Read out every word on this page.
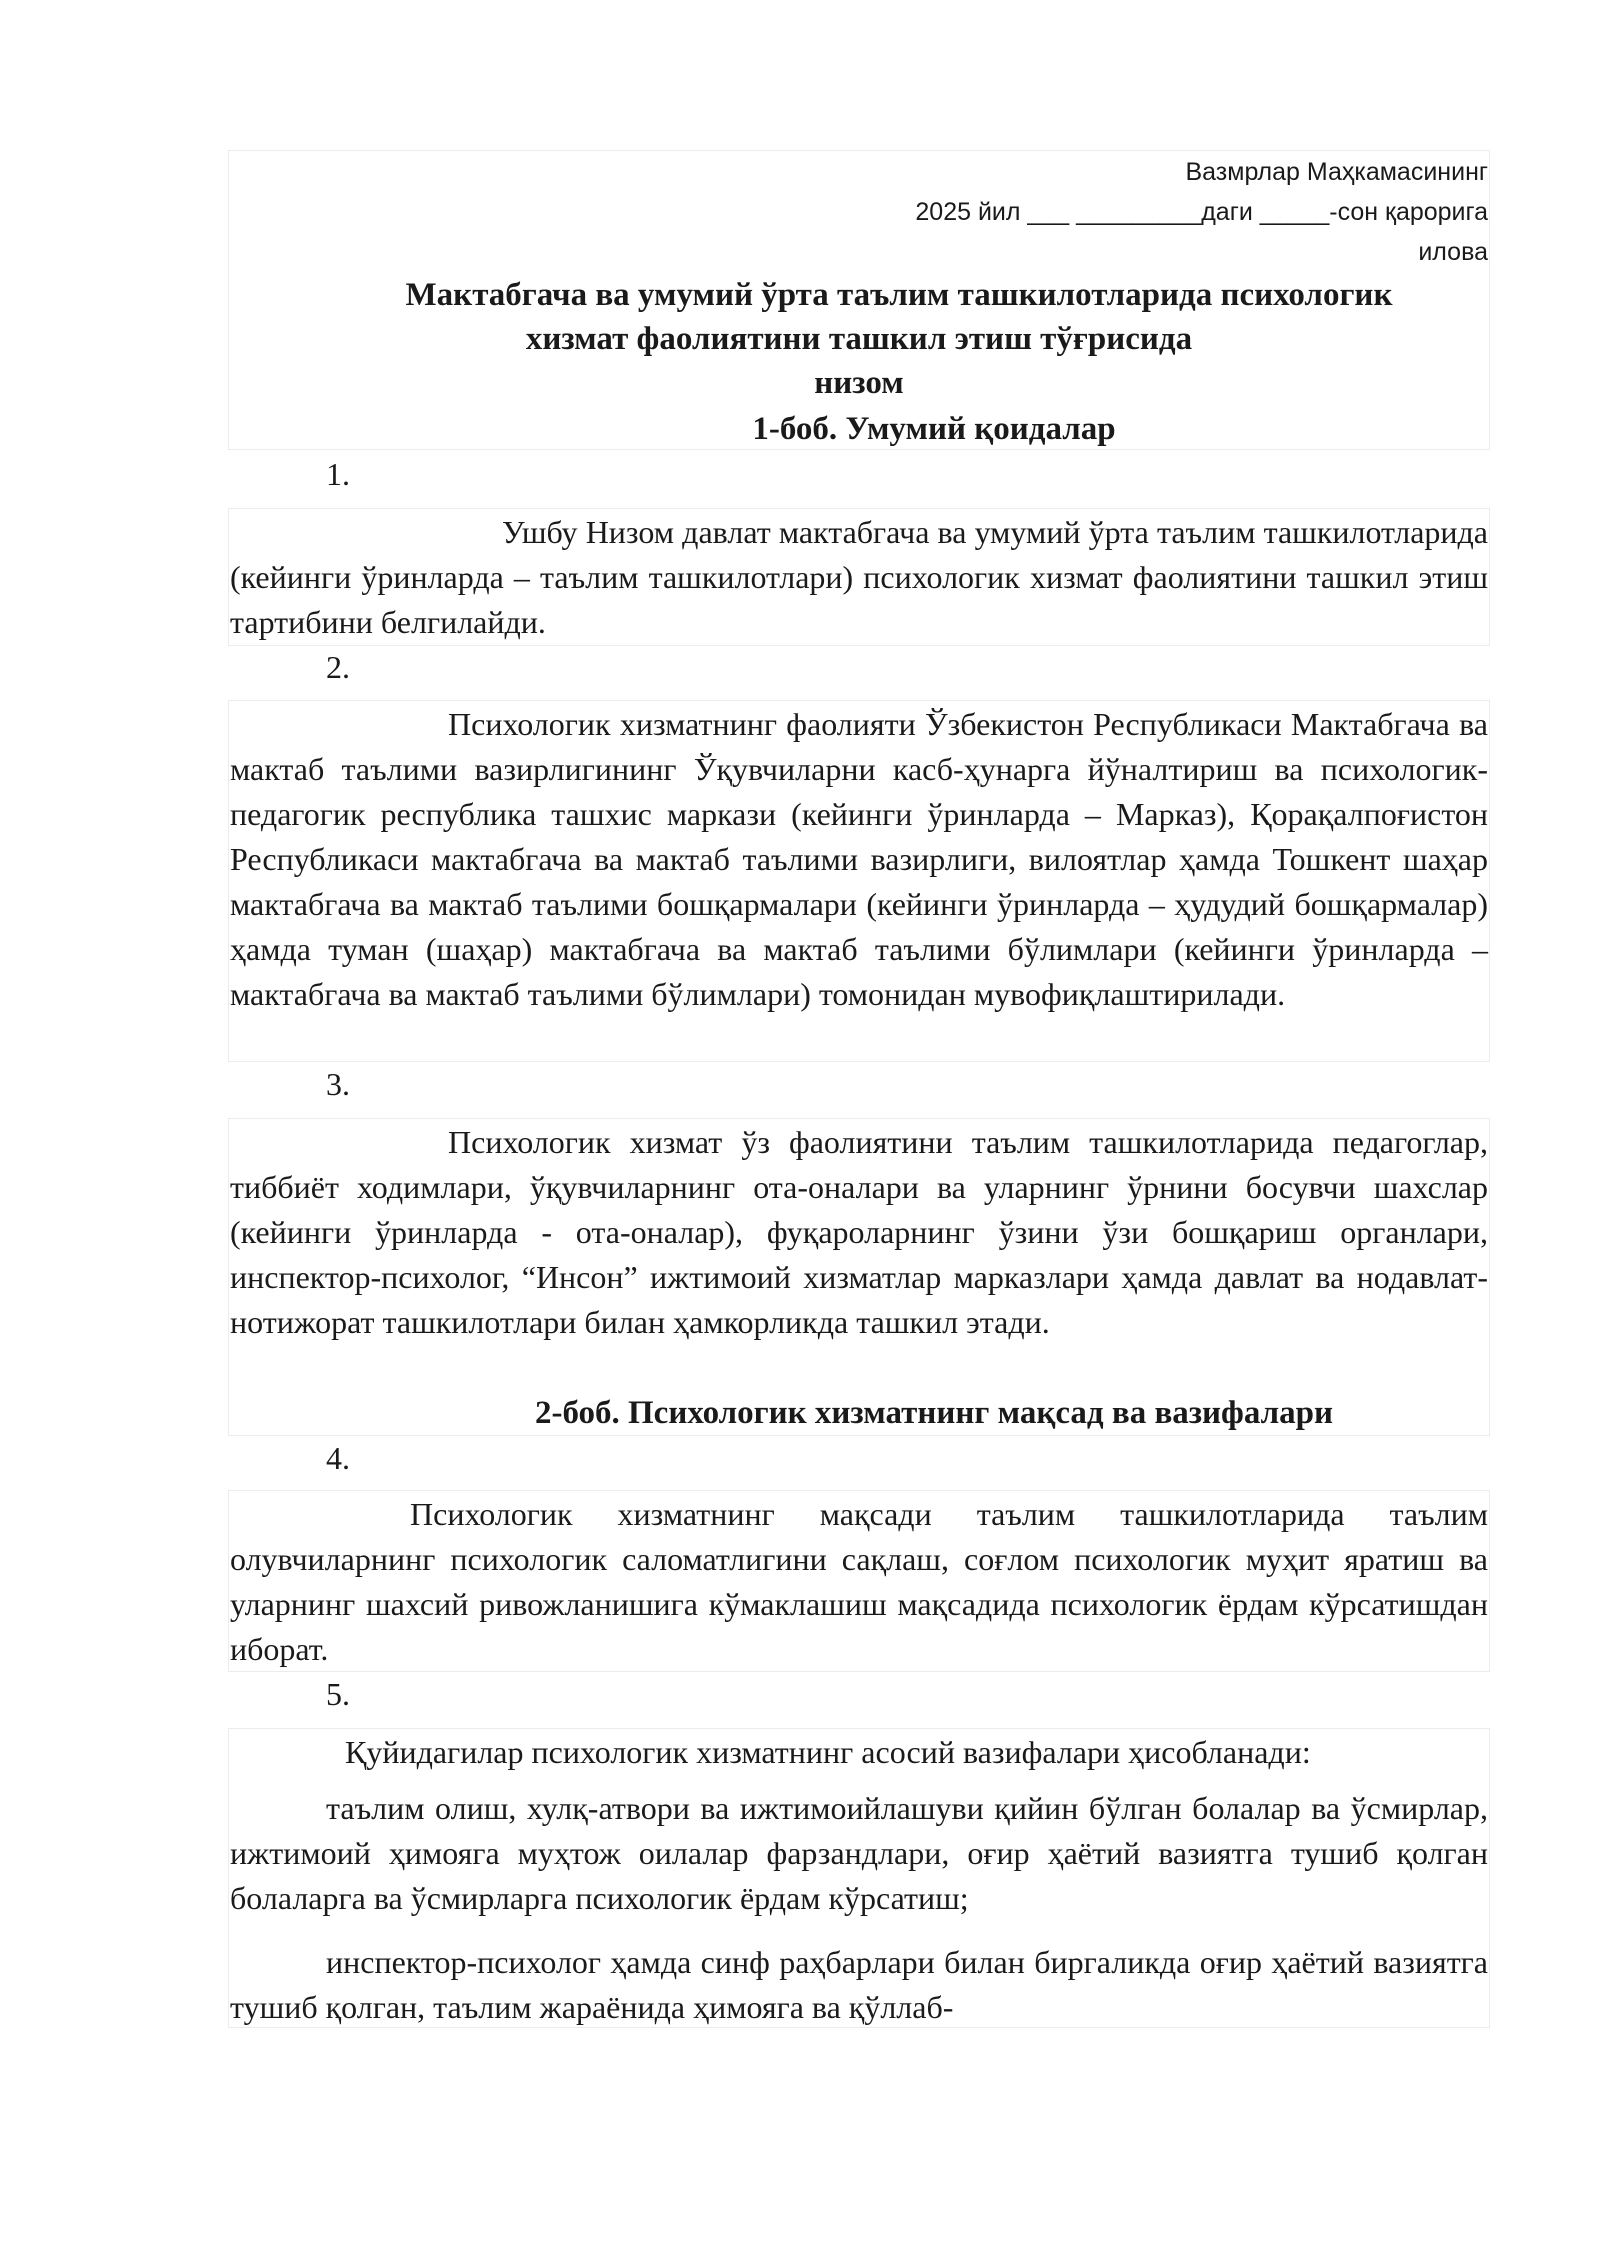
Вазмрлар Маҳкамасининг
2025 йил ___ _________даги _____-сон қарорига
илова
Мактабгача ва умумий ўрта таълим ташкилотларида психологик
хизмат фаолиятини ташкил этиш тўғрисида
низом
1-боб. Умумий қоидалар
1.

Ушбу Низом давлат мактабгача ва умумий ўрта таълим ташкилотларида (кейинги ўринларда – таълим ташкилотлари) психологик хизмат фаолиятини ташкил этиш тартибини белгилайди.

2.

Психологик хизматнинг фаолияти Ўзбекистон Республикаси Мактабгача ва мактаб таълими вазирлигининг Ўқувчиларни касб-ҳунарга йўналтириш ва психологик-педагогик республика ташхис маркази (кейинги ўринларда – Марказ), Қорақалпоғистон Республикаси мактабгача ва мактаб таълими вазирлиги, вилоятлар ҳамда Тошкент шаҳар мактабгача ва мактаб таълими бошқармалари (кейинги ўринларда – ҳудудий бошқармалар) ҳамда туман (шаҳар) мактабгача ва мактаб таълими бўлимлари (кейинги ўринларда – мактабгача ва мактаб таълими бўлимлари) томонидан мувофиқлаштирилади.

3.

Психологик хизмат ўз фаолиятини таълим ташкилотларида педагоглар, тиббиёт ходимлари, ўқувчиларнинг ота-оналари ва уларнинг ўрнини босувчи шахслар (кейинги ўринларда - ота-оналар), фуқароларнинг ўзини ўзи бошқариш органлари, инспектор-психолог, “Инсон” ижтимоий хизматлар марказлари ҳамда давлат ва нодавлат-нотижорат ташкилотлари билан ҳамкорликда ташкил этади.

2-боб. Психологик хизматнинг мақсад ва вазифалари
4.

Психологик хизматнинг мақсади таълим ташкилотларида таълим олувчиларнинг психологик саломатлигини сақлаш, соғлом психологик муҳит яратиш ва уларнинг шахсий ривожланишига кўмаклашиш мақсадида психологик ёрдам кўрсатишдан иборат.

5.

Қуйидагилар психологик хизматнинг асосий вазифалари ҳисобланади:

таълим олиш, хулқ-атвори ва ижтимоийлашуви қийин бўлган болалар ва ўсмирлар, ижтимоий ҳимояга муҳтож оилалар фарзандлари, оғир ҳаётий вазиятга тушиб қолган болаларга ва ўсмирларга психологик ёрдам кўрсатиш;

инспектор-психолог ҳамда синф раҳбарлари билан биргаликда оғир ҳаётий вазиятга тушиб қолган, таълим жараёнида ҳимояга ва қўллаб-
